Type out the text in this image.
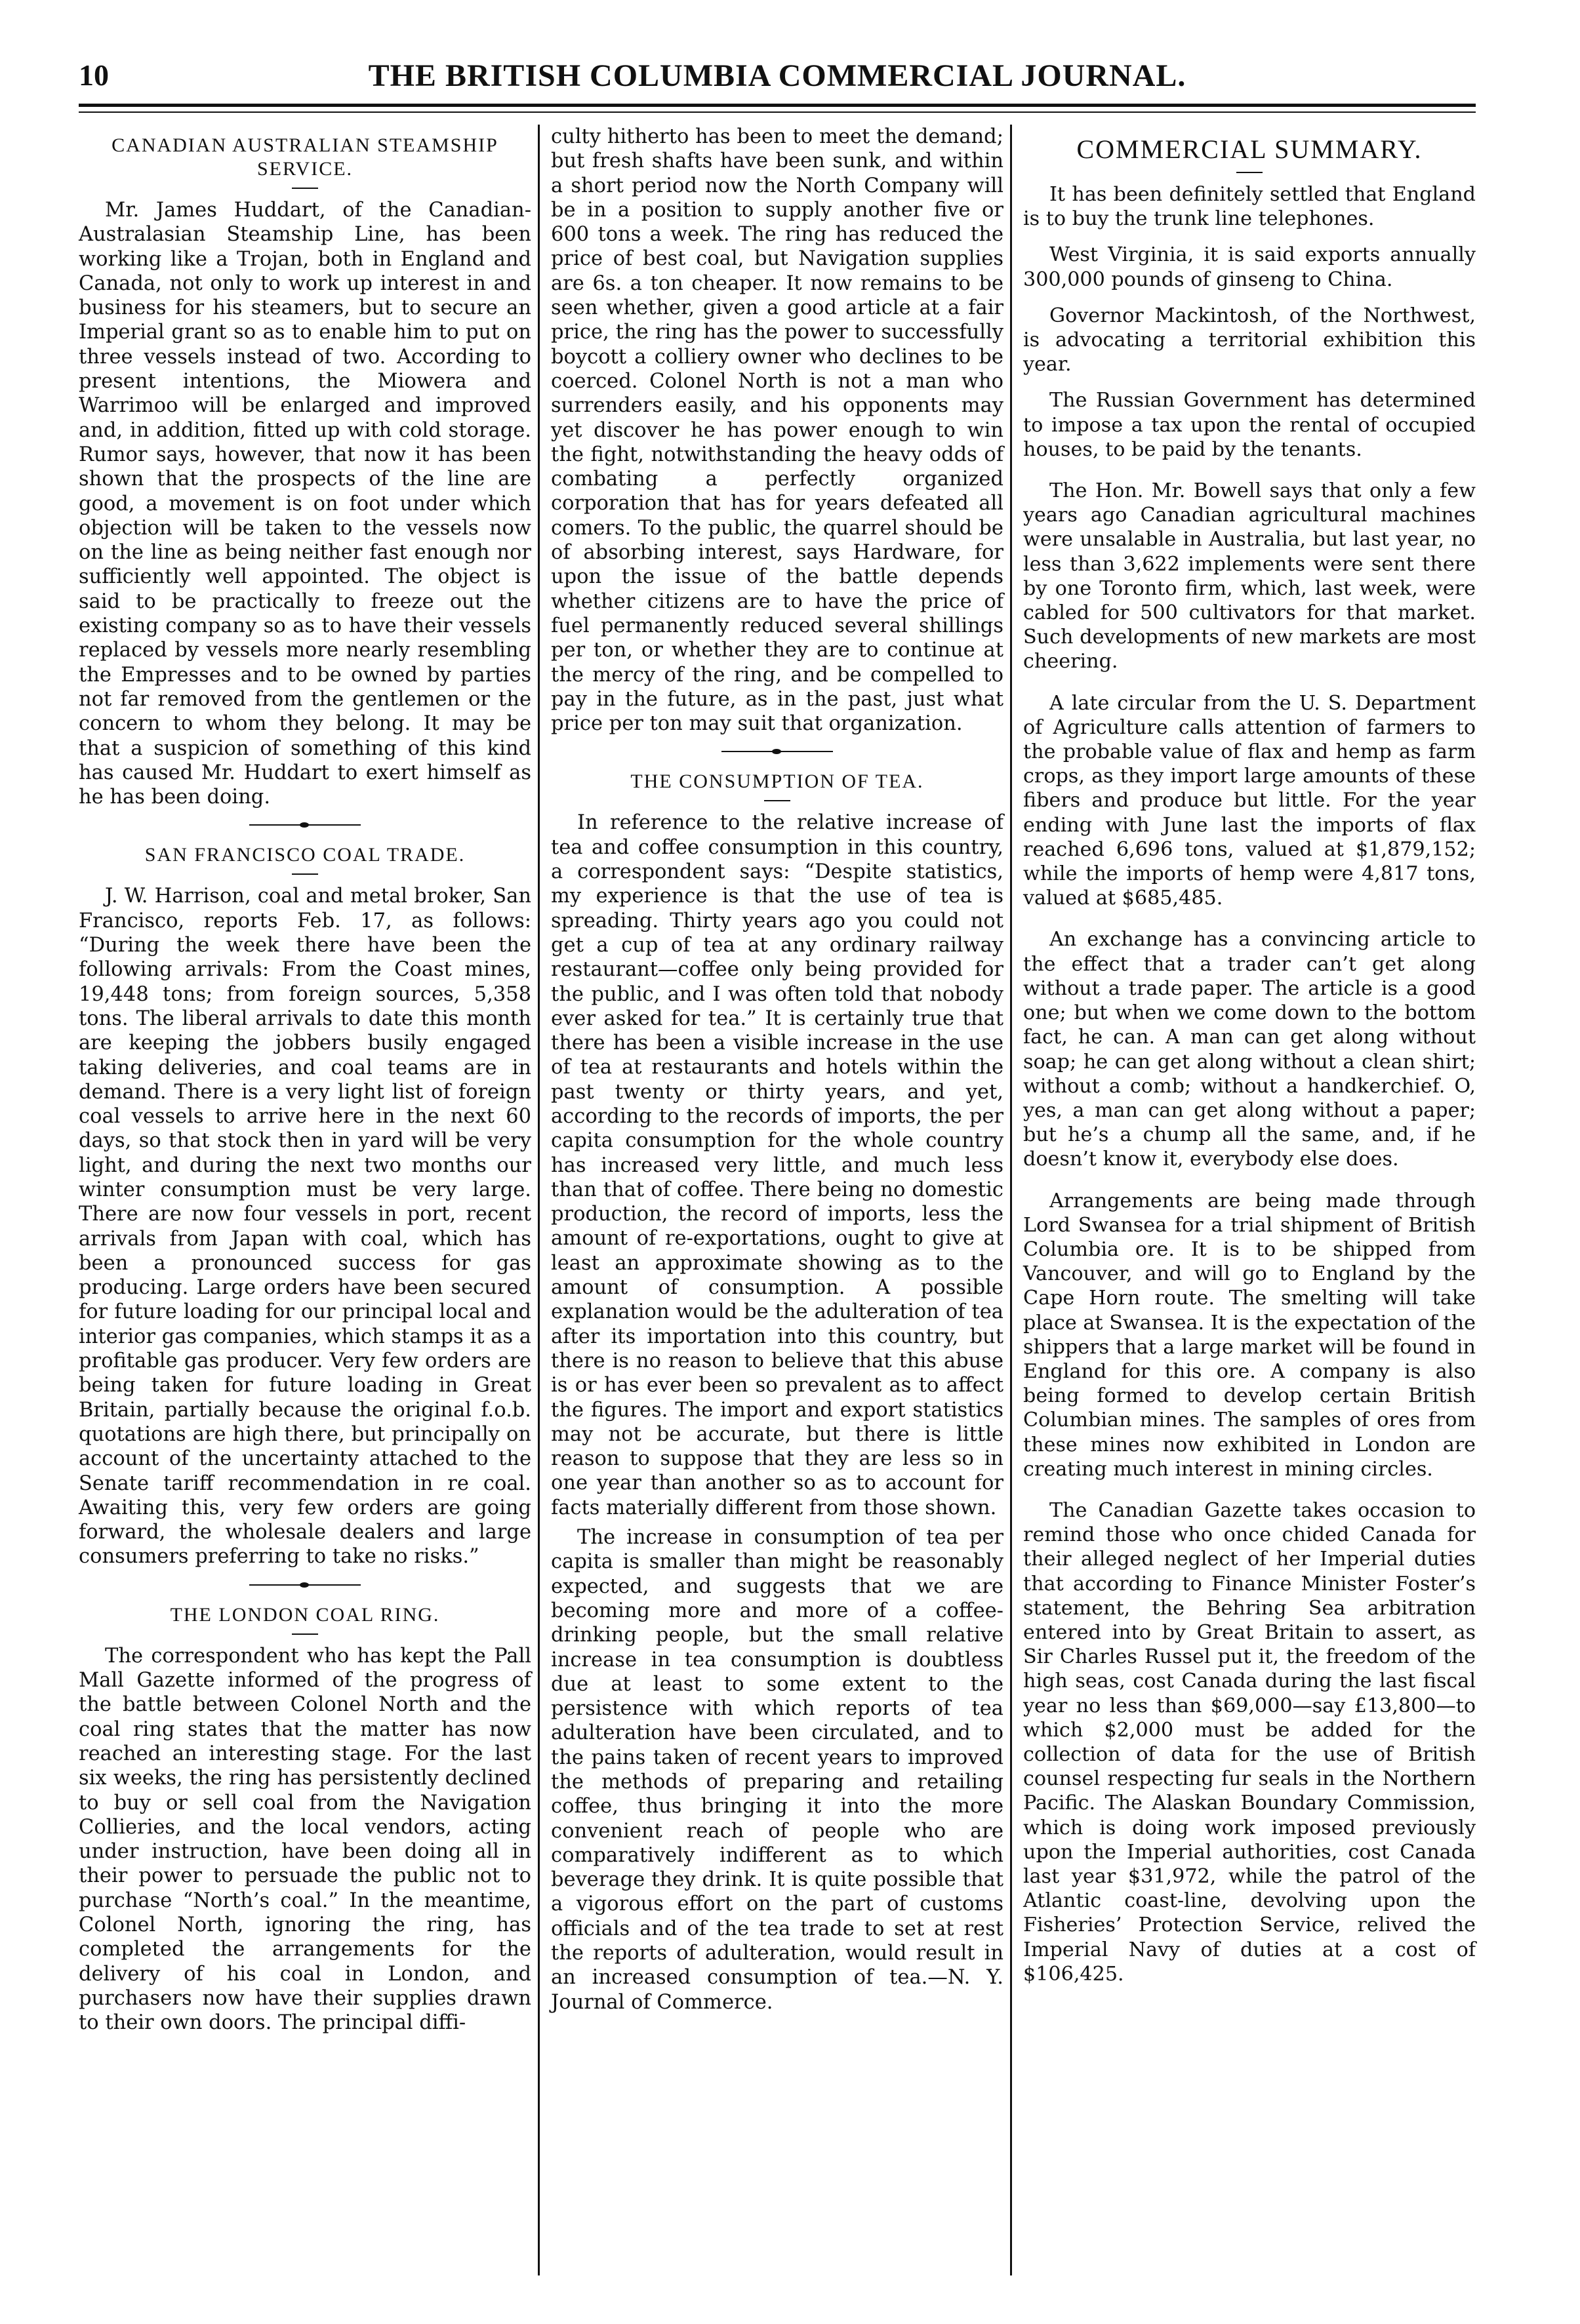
10	THE BRITISH COLUMBIA COMMERCIAL JOURNAL.
CANADIAN AUSTRALIAN STEAMSHIP SERVICE.

Mr. James Huddart, of the Canadian-Australasian Steamship Line, has been working like a Trojan, both in England and Canada, not only to work up interest in and business for his steamers, but to secure an Imperial grant so as to enable him to put on three vessels instead of two. According to present intentions, the Miowera and Warrimoo will be enlarged and improved and, in addition, fitted up with cold storage. Rumor says, however, that now it has been shown that the prospects of the line are good, a movement is on foot under which objection will be taken to the vessels now on the line as being neither fast enough nor sufficiently well appointed. The object is said to be practically to freeze out the existing company so as to have their vessels replaced by vessels more nearly resembling the Empresses and to be owned by parties not far removed from the gentlemen or the concern to whom they belong. It may be that a suspicion of something of this kind has caused Mr. Huddart to exert himself as he has been doing.

SAN FRANCISCO COAL TRADE.

J. W. Harrison, coal and metal broker, San Francisco, reports Feb. 17, as follows: “During the week there have been the following arrivals: From the Coast mines, 19,448 tons; from foreign sources, 5,358 tons. The liberal arrivals to date this month are keeping the jobbers busily engaged taking deliveries, and coal teams are in demand. There is a very light list of foreign coal vessels to arrive here in the next 60 days, so that stock then in yard will be very light, and during the next two months our winter consumption must be very large. There are now four vessels in port, recent arrivals from Japan with coal, which has been a pronounced success for gas producing. Large orders have been secured for future loading for our principal local and interior gas companies, which stamps it as a profitable gas producer. Very few orders are being taken for future loading in Great Britain, partially because the original f.o.b. quotations are high there, but principally on account of the uncertainty attached to the Senate tariff recommendation in re coal. Awaiting this, very few orders are going forward, the wholesale dealers and large consumers preferring to take no risks.”

THE LONDON COAL RING.

The correspondent who has kept the Pall Mall Gazette informed of the progress of the battle between Colonel North and the coal ring states that the matter has now reached an interesting stage. For the last six weeks, the ring has persistently declined to buy or sell coal from the Navigation Collieries, and the local vendors, acting under instruction, have been doing all in their power to persuade the public not to purchase “North’s coal.” In the meantime, Colonel North, ignoring the ring, has completed the arrangements for the delivery of his coal in London, and purchasers now have their supplies drawn to their own doors. The principal diffi-

culty hitherto has been to meet the demand; but fresh shafts have been sunk, and within a short period now the North Company will be in a position to supply another five or 600 tons a week. The ring has reduced the price of best coal, but Navigation supplies are 6s. a ton cheaper. It now remains to be seen whether, given a good article at a fair price, the ring has the power to successfully boycott a colliery owner who declines to be coerced. Colonel North is not a man who surrenders easily, and his opponents may yet discover he has power enough to win the fight, notwithstanding the heavy odds of combating a perfectly organized corporation that has for years defeated all comers. To the public, the quarrel should be of absorbing interest, says Hardware, for upon the issue of the battle depends whether citizens are to have the price of fuel permanently reduced several shillings per ton, or whether they are to continue at the mercy of the ring, and be compelled to pay in the future, as in the past, just what price per ton may suit that organization.

THE CONSUMPTION OF TEA.

In reference to the relative increase of tea and coffee consumption in this country, a correspondent says: “Despite statistics, my experience is that the use of tea is spreading. Thirty years ago you could not get a cup of tea at any ordinary railway restaurant—coffee only being provided for the public, and I was often told that nobody ever asked for tea.” It is certainly true that there has been a visible increase in the use of tea at restaurants and hotels within the past twenty or thirty years, and yet, according to the records of imports, the per capita consumption for the whole country has increased very little, and much less than that of coffee. There being no domestic production, the record of imports, less the amount of re-exportations, ought to give at least an approximate showing as to the amount of consumption. A possible explanation would be the adulteration of tea after its importation into this country, but there is no reason to believe that this abuse is or has ever been so prevalent as to affect the figures. The import and export statistics may not be accurate, but there is little reason to suppose that they are less so in one year than another so as to account for facts materially different from those shown.

The increase in consumption of tea per capita is smaller than might be reasonably expected, and suggests that we are becoming more and more of a coffee-drinking people, but the small relative increase in tea consumption is doubtless due at least to some extent to the persistence with which reports of tea adulteration have been circulated, and to the pains taken of recent years to improved the methods of preparing and retailing coffee, thus bringing it into the more convenient reach of people who are comparatively indifferent as to which beverage they drink. It is quite possible that a vigorous effort on the part of customs officials and of the tea trade to set at rest the reports of adulteration, would result in an increased consumption of tea.—N. Y. Journal of Commerce.

COMMERCIAL SUMMARY.

It has been definitely settled that England is to buy the trunk line telephones.

West Virginia, it is said exports annually 300,000 pounds of ginseng to China.

Governor Mackintosh, of the Northwest, is advocating a territorial exhibition this year.

The Russian Government has determined to impose a tax upon the rental of occupied houses, to be paid by the tenants.

The Hon. Mr. Bowell says that only a few years ago Canadian agricultural machines were unsalable in Australia, but last year, no less than 3,622 implements were sent there by one Toronto firm, which, last week, were cabled for 500 cultivators for that market. Such developments of new markets are most cheering.

A late circular from the U. S. Department of Agriculture calls attention of farmers to the probable value of flax and hemp as farm crops, as they import large amounts of these fibers and produce but little. For the year ending with June last the imports of flax reached 6,696 tons, valued at $1,879,152; while the imports of hemp were 4,817 tons, valued at $685,485.

An exchange has a convincing article to the effect that a trader can’t get along without a trade paper. The article is a good one; but when we come down to the bottom fact, he can. A man can get along without soap; he can get along without a clean shirt; without a comb; without a handkerchief. O, yes, a man can get along without a paper; but he’s a chump all the same, and, if he doesn’t know it, everybody else does.

Arrangements are being made through Lord Swansea for a trial shipment of British Columbia ore. It is to be shipped from Vancouver, and will go to England by the Cape Horn route. The smelting will take place at Swansea. It is the expectation of the shippers that a large market will be found in England for this ore. A company is also being formed to develop certain British Columbian mines. The samples of ores from these mines now exhibited in London are creating much interest in mining circles.

The Canadian Gazette takes occasion to remind those who once chided Canada for their alleged neglect of her Imperial duties that according to Finance Minister Foster’s statement, the Behring Sea arbitration entered into by Great Britain to assert, as Sir Charles Russel put it, the freedom of the high seas, cost Canada during the last fiscal year no less than $69,000—say £13,800—to which $2,000 must be added for the collection of data for the use of British counsel respecting fur seals in the Northern Pacific. The Alaskan Boundary Commission, which is doing work imposed previously upon the Imperial authorities, cost Canada last year $31,972, while the patrol of the Atlantic coast-line, devolving upon the Fisheries’ Protection Service, relived the Imperial Navy of duties at a cost of $106,425.
